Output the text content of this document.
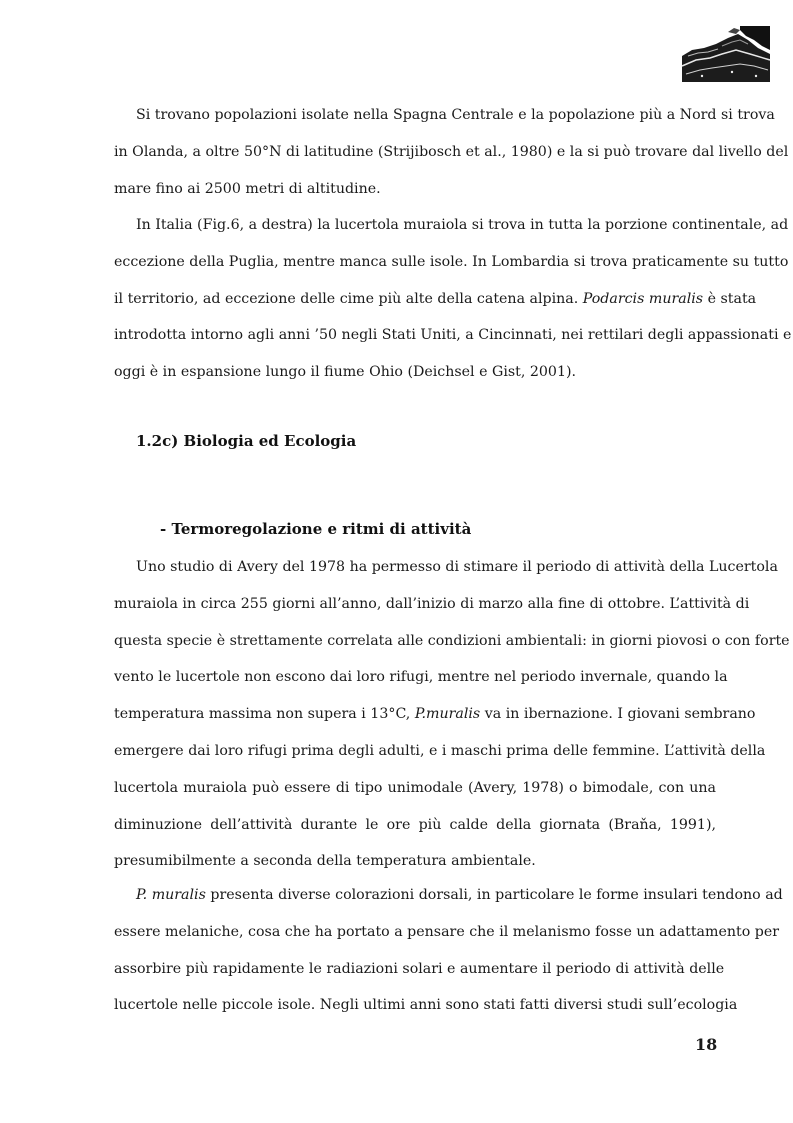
Si trovano popolazioni isolate nella Spagna Centrale e la popolazione più a Nord si trova
in Olanda, a oltre 50°N di latitudine (Strijibosch et al., 1980) e la si può trovare dal livello del
mare fino ai 2500 metri di altitudine.
In Italia (Fig.6, a destra) la lucertola muraiola si trova in tutta la porzione continentale, ad
eccezione della Puglia, mentre manca sulle isole. In Lombardia si trova praticamente su tutto
il territorio, ad eccezione delle cime più alte della catena alpina. Podarcis muralis è stata
introdotta intorno agli anni ’50 negli Stati Uniti, a Cincinnati, nei rettilari degli appassionati e
oggi è in espansione lungo il fiume Ohio (Deichsel e Gist, 2001).
1.2c) Biologia ed Ecologia
- Termoregolazione e ritmi di attività
Uno studio di Avery del 1978 ha permesso di stimare il periodo di attività della Lucertola
muraiola in circa 255 giorni all’anno, dall’inizio di marzo alla fine di ottobre. L’attività di
questa specie è strettamente correlata alle condizioni ambientali: in giorni piovosi o con forte
vento le lucertole non escono dai loro rifugi, mentre nel periodo invernale, quando la
temperatura massima non supera i 13°C, P.muralis va in ibernazione. I giovani sembrano
emergere dai loro rifugi prima degli adulti, e i maschi prima delle femmine. L’attività della
lucertola muraiola può essere di tipo unimodale (Avery, 1978) o bimodale, con una
diminuzione dell’attività durante le ore più calde della giornata (Braňa, 1991),
presumibilmente a seconda della temperatura ambientale.
P. muralis presenta diverse colorazioni dorsali, in particolare le forme insulari tendono ad
essere melaniche, cosa che ha portato a pensare che il melanismo fosse un adattamento per
assorbire più rapidamente le radiazioni solari e aumentare il periodo di attività delle
lucertole nelle piccole isole. Negli ultimi anni sono stati fatti diversi studi sull’ecologia
18
